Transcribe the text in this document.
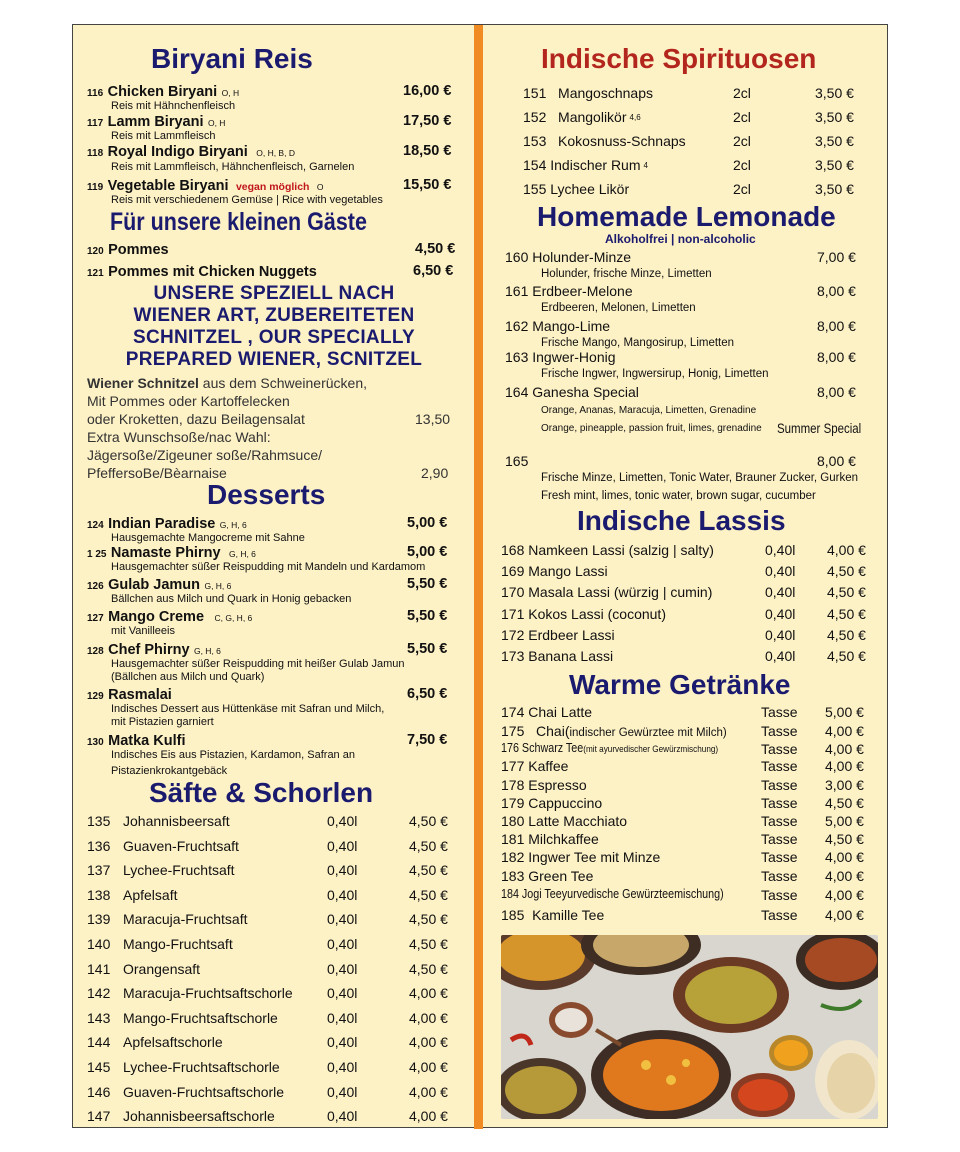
Biryani Reis
116 Chicken Biryani O, H	16,00 €
Reis mit Hähnchenfleisch
117 Lamm Biryani O, H	17,50 €
Reis mit Lammfleisch
118 Royal Indigo Biryani O, H, B, D	18,50 €
Reis mit Lammfleisch, Hähnchenfleisch, Garnelen
119 Vegetable Biryani vegan möglich O	15,50 €
Reis mit verschiedenem Gemüse | Rice with vegetables
Für unsere kleinen Gäste
120 Pommes	4,50 €
121 Pommes mit Chicken Nuggets	6,50 €
UNSERE SPEZIELL NACH
WIENER ART, ZUBEREITETEN
SCHNITZEL , OUR SPECIALLY
PREPARED WIENER, SCNITZEL
Wiener Schnitzel aus dem Schweinerücken,
Mit Pommes oder Kartoffelecken
oder Kroketten, dazu Beilagensalat	13,50
Extra Wunschsoße/nac Wahl:
Jägersoße/Zigeuner soße/Rahmsuce/
PfeffersoBe/Bèarnaise	2,90
Desserts
124 Indian Paradise G, H, 6	5,00 €
Hausgemachte Mangocreme mit Sahne
1 25 Namaste Phirny G, H, 6	5,00 €
Hausgemachter süßer Reispudding mit Mandeln und Kardamom
126 Gulab Jamun G, H, 6	5,50 €
Bällchen aus Milch und Quark in Honig gebacken
127 Mango Creme C, G, H, 6	5,50 €
mit Vanilleeis
128 Chef Phirny G, H, 6	5,50 €
Hausgemachter süßer Reispudding mit heißer Gulab Jamun
(Bällchen aus Milch und Quark)
129 Rasmalai	6,50 €
Indisches Dessert aus Hüttenkäse mit Safran und Milch,
mit Pistazien garniert
130 Matka Kulfi	7,50 €
Indisches Eis aus Pistazien, Kardamon, Safran an
Pistazienkrokantgebäck
Säfte & Schorlen
135 Johannisbeersaft	0,40l	4,50 €
136 Guaven-Fruchtsaft	0,40l	4,50 €
137 Lychee-Fruchtsaft	0,40l	4,50 €
138 Apfelsaft	0,40l	4,50 €
139 Maracuja-Fruchtsaft	0,40l	4,50 €
140 Mango-Fruchtsaft	0,40l	4,50 €
141 Orangensaft	0,40l	4,50 €
142 Maracuja-Fruchtsaftschorle 0,40l	4,00 €
143 Mango-Fruchtsaftschorle	0,40l	4,00 €
144 Apfelsaftschorle	0,40l	4,00 €
145 Lychee-Fruchtsaftschorle	0,40l	4,00 €
146 Guaven-Fruchtsaftschorle	0,40l	4,00 €
147 Johannisbeersaftschorle	0,40l	4,00 €
Indische Spirituosen
151   Mangoschnaps	2cl	3,50 €
152   Mangolikör 4,6	2cl	3,50 €
153   Kokosnuss-Schnaps	2cl	3,50 €
154 Indischer Rum 4	2cl	3,50 €
155 Lychee Likör	2cl	3,50 €
Homemade Lemonade
Alkoholfrei | non-alcoholic
160 Holunder-Minze	7,00 €
Holunder, frische Minze, Limetten
161 Erdbeer-Melone	8,00 €
Erdbeeren, Melonen, Limetten
162 Mango-Lime	8,00 €
Frische Mango, Mangosirup, Limetten
163 Ingwer-Honig	8,00 €
Frische Ingwer, Ingwersirup, Honig, Limetten
164 Ganesha Special	8,00 €
Orange, Ananas, Maracuja, Limetten, Grenadine
Orange, pineapple, passion fruit, limes, grenadine Summer Special
165	8,00 €
Frische Minze, Limetten, Tonic Water, Brauner Zucker, Gurken
Fresh mint, limes, tonic water, brown sugar, cucumber
Indische Lassis
168 Namkeen Lassi (salzig | salty)	0,40l 4,00 €
169 Mango Lassi	0,40l 4,50 €
170 Masala Lassi (würzig | cumin)	0,40l 4,50 €
171 Kokos Lassi (coconut)	0,40l 4,50 €
172 Erdbeer Lassi	0,40l 4,50 €
173 Banana Lassi	0,40l 4,50 €
Warme Getränke
174 Chai Latte	Tasse 5,00 €
175   Chai(indischer Gewürztee mit Milch) Tasse 4,00 €
176 Schwarz Tee(mit ayurvedischer Gewürzmischung)	Tasse 4,00 €
177 Kaffee	Tasse 4,00 €
178 Espresso	Tasse 3,00 €
179 Cappuccino	Tasse 4,50 €
180 Latte Macchiato	Tasse 5,00 €
181 Milchkaffee	Tasse 4,50 €
182 Ingwer Tee mit Minze	Tasse 4,00 €
183 Green Tee	Tasse 4,00 €
184 Jogi Teeyurvedische Gewürzteemischung)	Tasse 4,00 €
185  Kamille Tee	Tasse 4,00 €
